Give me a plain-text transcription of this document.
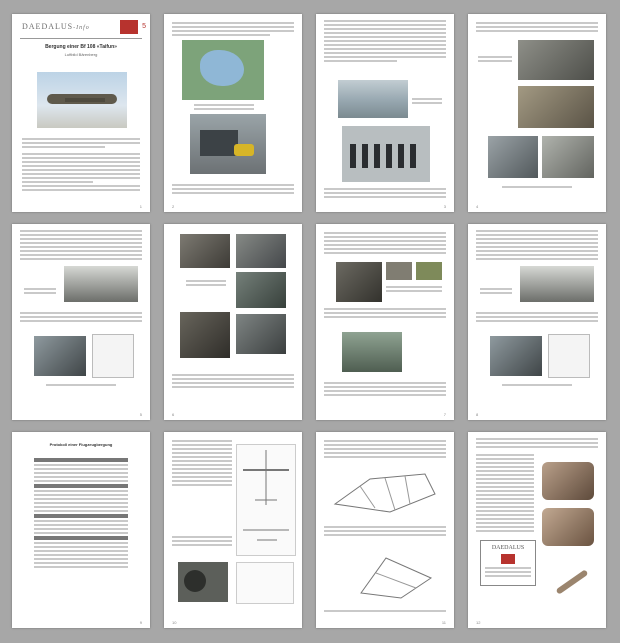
DAEDALUS-Info	5
Bergung einer Bf 108 «Taifun»
Luftbild Bärenberg
1	2	3	4
5	6	7	8
Protokoll einer Flugzeugbergung
9	10	11
DAEDALUS
12
